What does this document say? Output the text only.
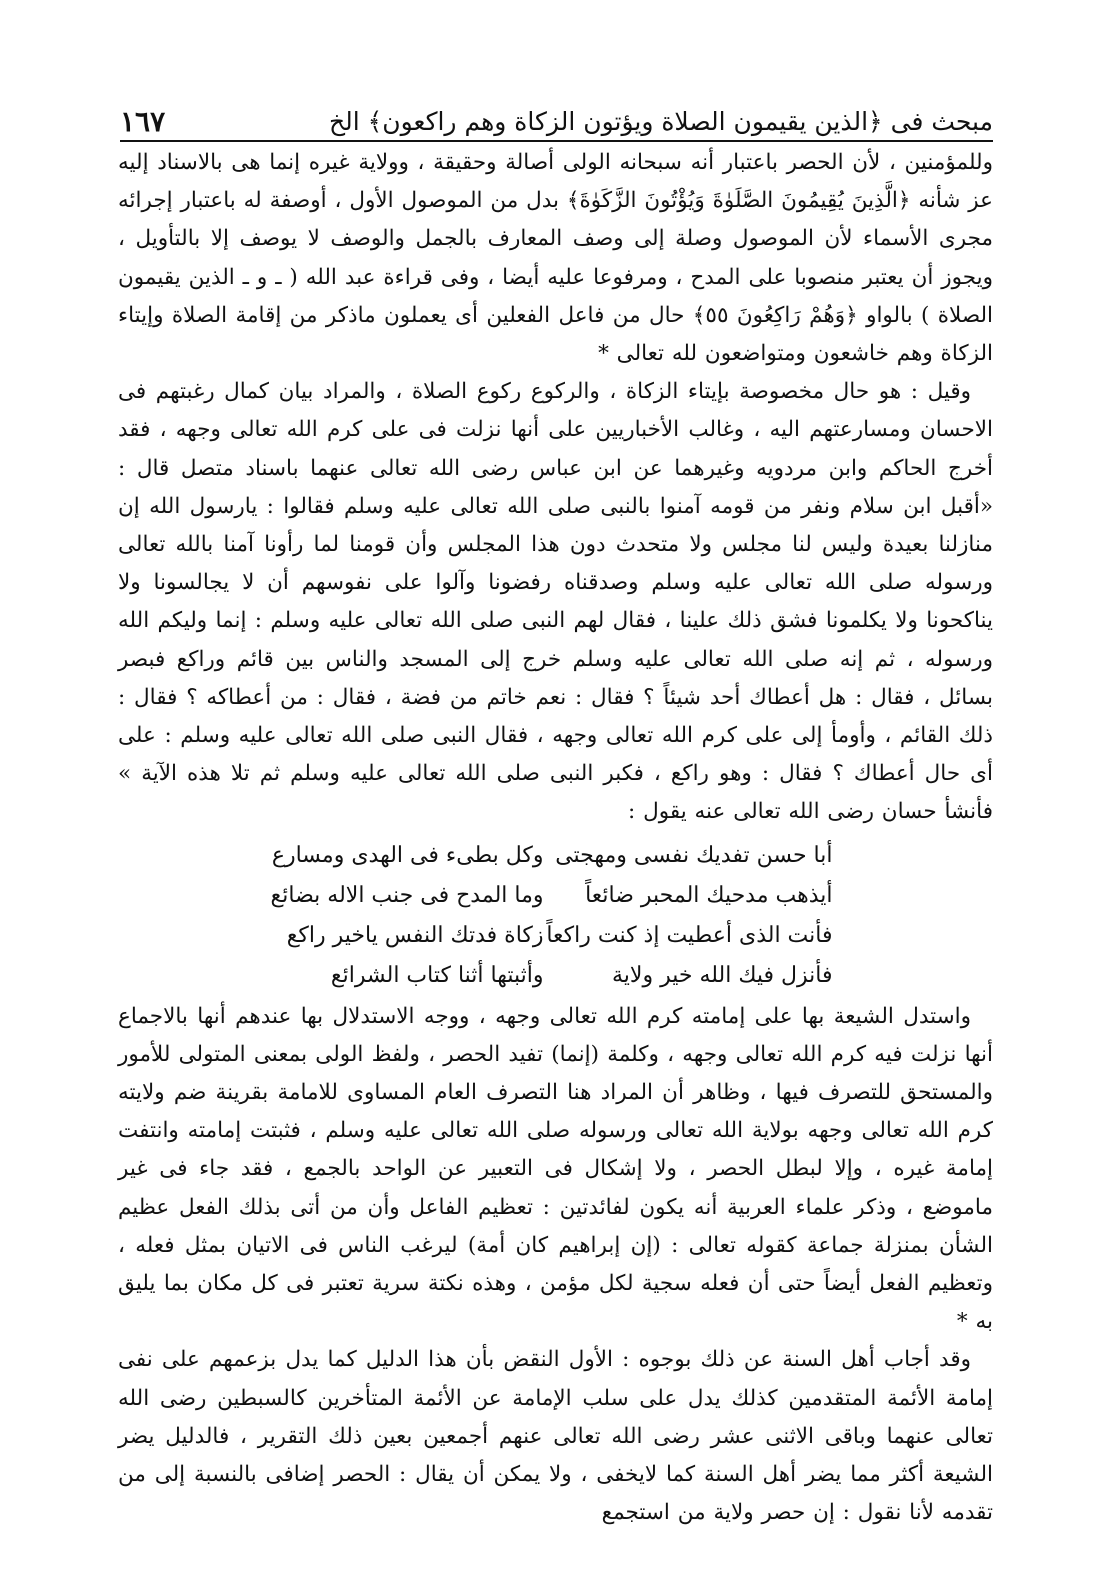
مبحث فى ﴿الذين يقيمون الصلاة ويؤتون الزكاة وهم راكعون﴾ الخ
١٦٧

وللمؤمنين ، لأن الحصر باعتبار أنه سبحانه الولى أصالة وحقيقة ، وولاية غيره إنما هى بالاسناد إليه عز شأنه ﴿الَّذِينَ يُقِيمُونَ الصَّلَوٰةَ وَيُؤْتُونَ الزَّكَوٰةَ﴾ بدل من الموصول الأول ، أوصفة له باعتبار إجرائه مجرى الأسماء لأن الموصول وصلة إلى وصف المعارف بالجمل والوصف لا يوصف إلا بالتأويل ، ويجوز أن يعتبر منصوبا على المدح ، ومرفوعا عليه أيضا ، وفى قراءة عبد الله ( ـ و ـ الذين يقيمون الصلاة ) بالواو ﴿وَهُمْ رَاكِعُونَ ٥٥﴾ حال من فاعل الفعلين أى يعملون ماذكر من إقامة الصلاة وإيتاء الزكاة وهم خاشعون ومتواضعون لله تعالى *

وقيل : هو حال مخصوصة بإيتاء الزكاة ، والركوع ركوع الصلاة ، والمراد بيان كمال رغبتهم فى الاحسان ومسارعتهم اليه ، وغالب الأخباريين على أنها نزلت فى على كرم الله تعالى وجهه ، فقد أخرج الحاكم وابن مردويه وغيرهما عن ابن عباس رضى الله تعالى عنهما باسناد متصل قال : «أقبل ابن سلام ونفر من قومه آمنوا بالنبى صلى الله تعالى عليه وسلم فقالوا : يارسول الله إن منازلنا بعيدة وليس لنا مجلس ولا متحدث دون هذا المجلس وأن قومنا لما رأونا آمنا بالله تعالى ورسوله صلى الله تعالى عليه وسلم وصدقناه رفضونا وآلوا على نفوسهم أن لا يجالسونا ولا يناكحونا ولا يكلمونا فشق ذلك علينا ، فقال لهم النبى صلى الله تعالى عليه وسلم : إنما وليكم الله ورسوله ، ثم إنه صلى الله تعالى عليه وسلم خرج إلى المسجد والناس بين قائم وراكع فبصر بسائل ، فقال : هل أعطاك أحد شيئاً ؟ فقال : نعم خاتم من فضة ، فقال : من أعطاكه ؟ فقال : ذلك القائم ، وأومأ إلى على كرم الله تعالى وجهه ، فقال النبى صلى الله تعالى عليه وسلم : على أى حال أعطاك ؟ فقال : وهو راكع ، فكبر النبى صلى الله تعالى عليه وسلم ثم تلا هذه الآية » فأنشأ حسان رضى الله تعالى عنه يقول :

أبا حسن تفديك نفسى ومهجتى
وكل بطىء فى الهدى ومسارع
أيذهب مدحيك المحبر ضائعاً
وما المدح فى جنب الاله بضائع
فأنت الذى أعطيت إذ كنت راكعاً
زكاة فدتك النفس ياخير راكع
فأنزل فيك الله خير ولاية
وأثبتها أثنا كتاب الشرائع

واستدل الشيعة بها على إمامته كرم الله تعالى وجهه ، ووجه الاستدلال بها عندهم أنها بالاجماع أنها نزلت فيه كرم الله تعالى وجهه ، وكلمة (إنما) تفيد الحصر ، ولفظ الولى بمعنى المتولى للأمور والمستحق للتصرف فيها ، وظاهر أن المراد هنا التصرف العام المساوى للامامة بقرينة ضم ولايته كرم الله تعالى وجهه بولاية الله تعالى ورسوله صلى الله تعالى عليه وسلم ، فثبتت إمامته وانتفت إمامة غيره ، وإلا لبطل الحصر ، ولا إشكال فى التعبير عن الواحد بالجمع ، فقد جاء فى غير ماموضع ، وذكر علماء العربية أنه يكون لفائدتين : تعظيم الفاعل وأن من أتى بذلك الفعل عظيم الشأن بمنزلة جماعة كقوله تعالى : (إن إبراهيم كان أمة) ليرغب الناس فى الاتيان بمثل فعله ، وتعظيم الفعل أيضاً حتى أن فعله سجية لكل مؤمن ، وهذه نكتة سرية تعتبر فى كل مكان بما يليق به *

وقد أجاب أهل السنة عن ذلك بوجوه : الأول النقض بأن هذا الدليل كما يدل بزعمهم على نفى إمامة الأئمة المتقدمين كذلك يدل على سلب الإمامة عن الأئمة المتأخرين كالسبطين رضى الله تعالى عنهما وباقى الاثنى عشر رضى الله تعالى عنهم أجمعين بعين ذلك التقرير ، فالدليل يضر الشيعة أكثر مما يضر أهل السنة كما لايخفى ، ولا يمكن أن يقال : الحصر إضافى بالنسبة إلى من تقدمه لأنا نقول : إن حصر ولاية من استجمع
